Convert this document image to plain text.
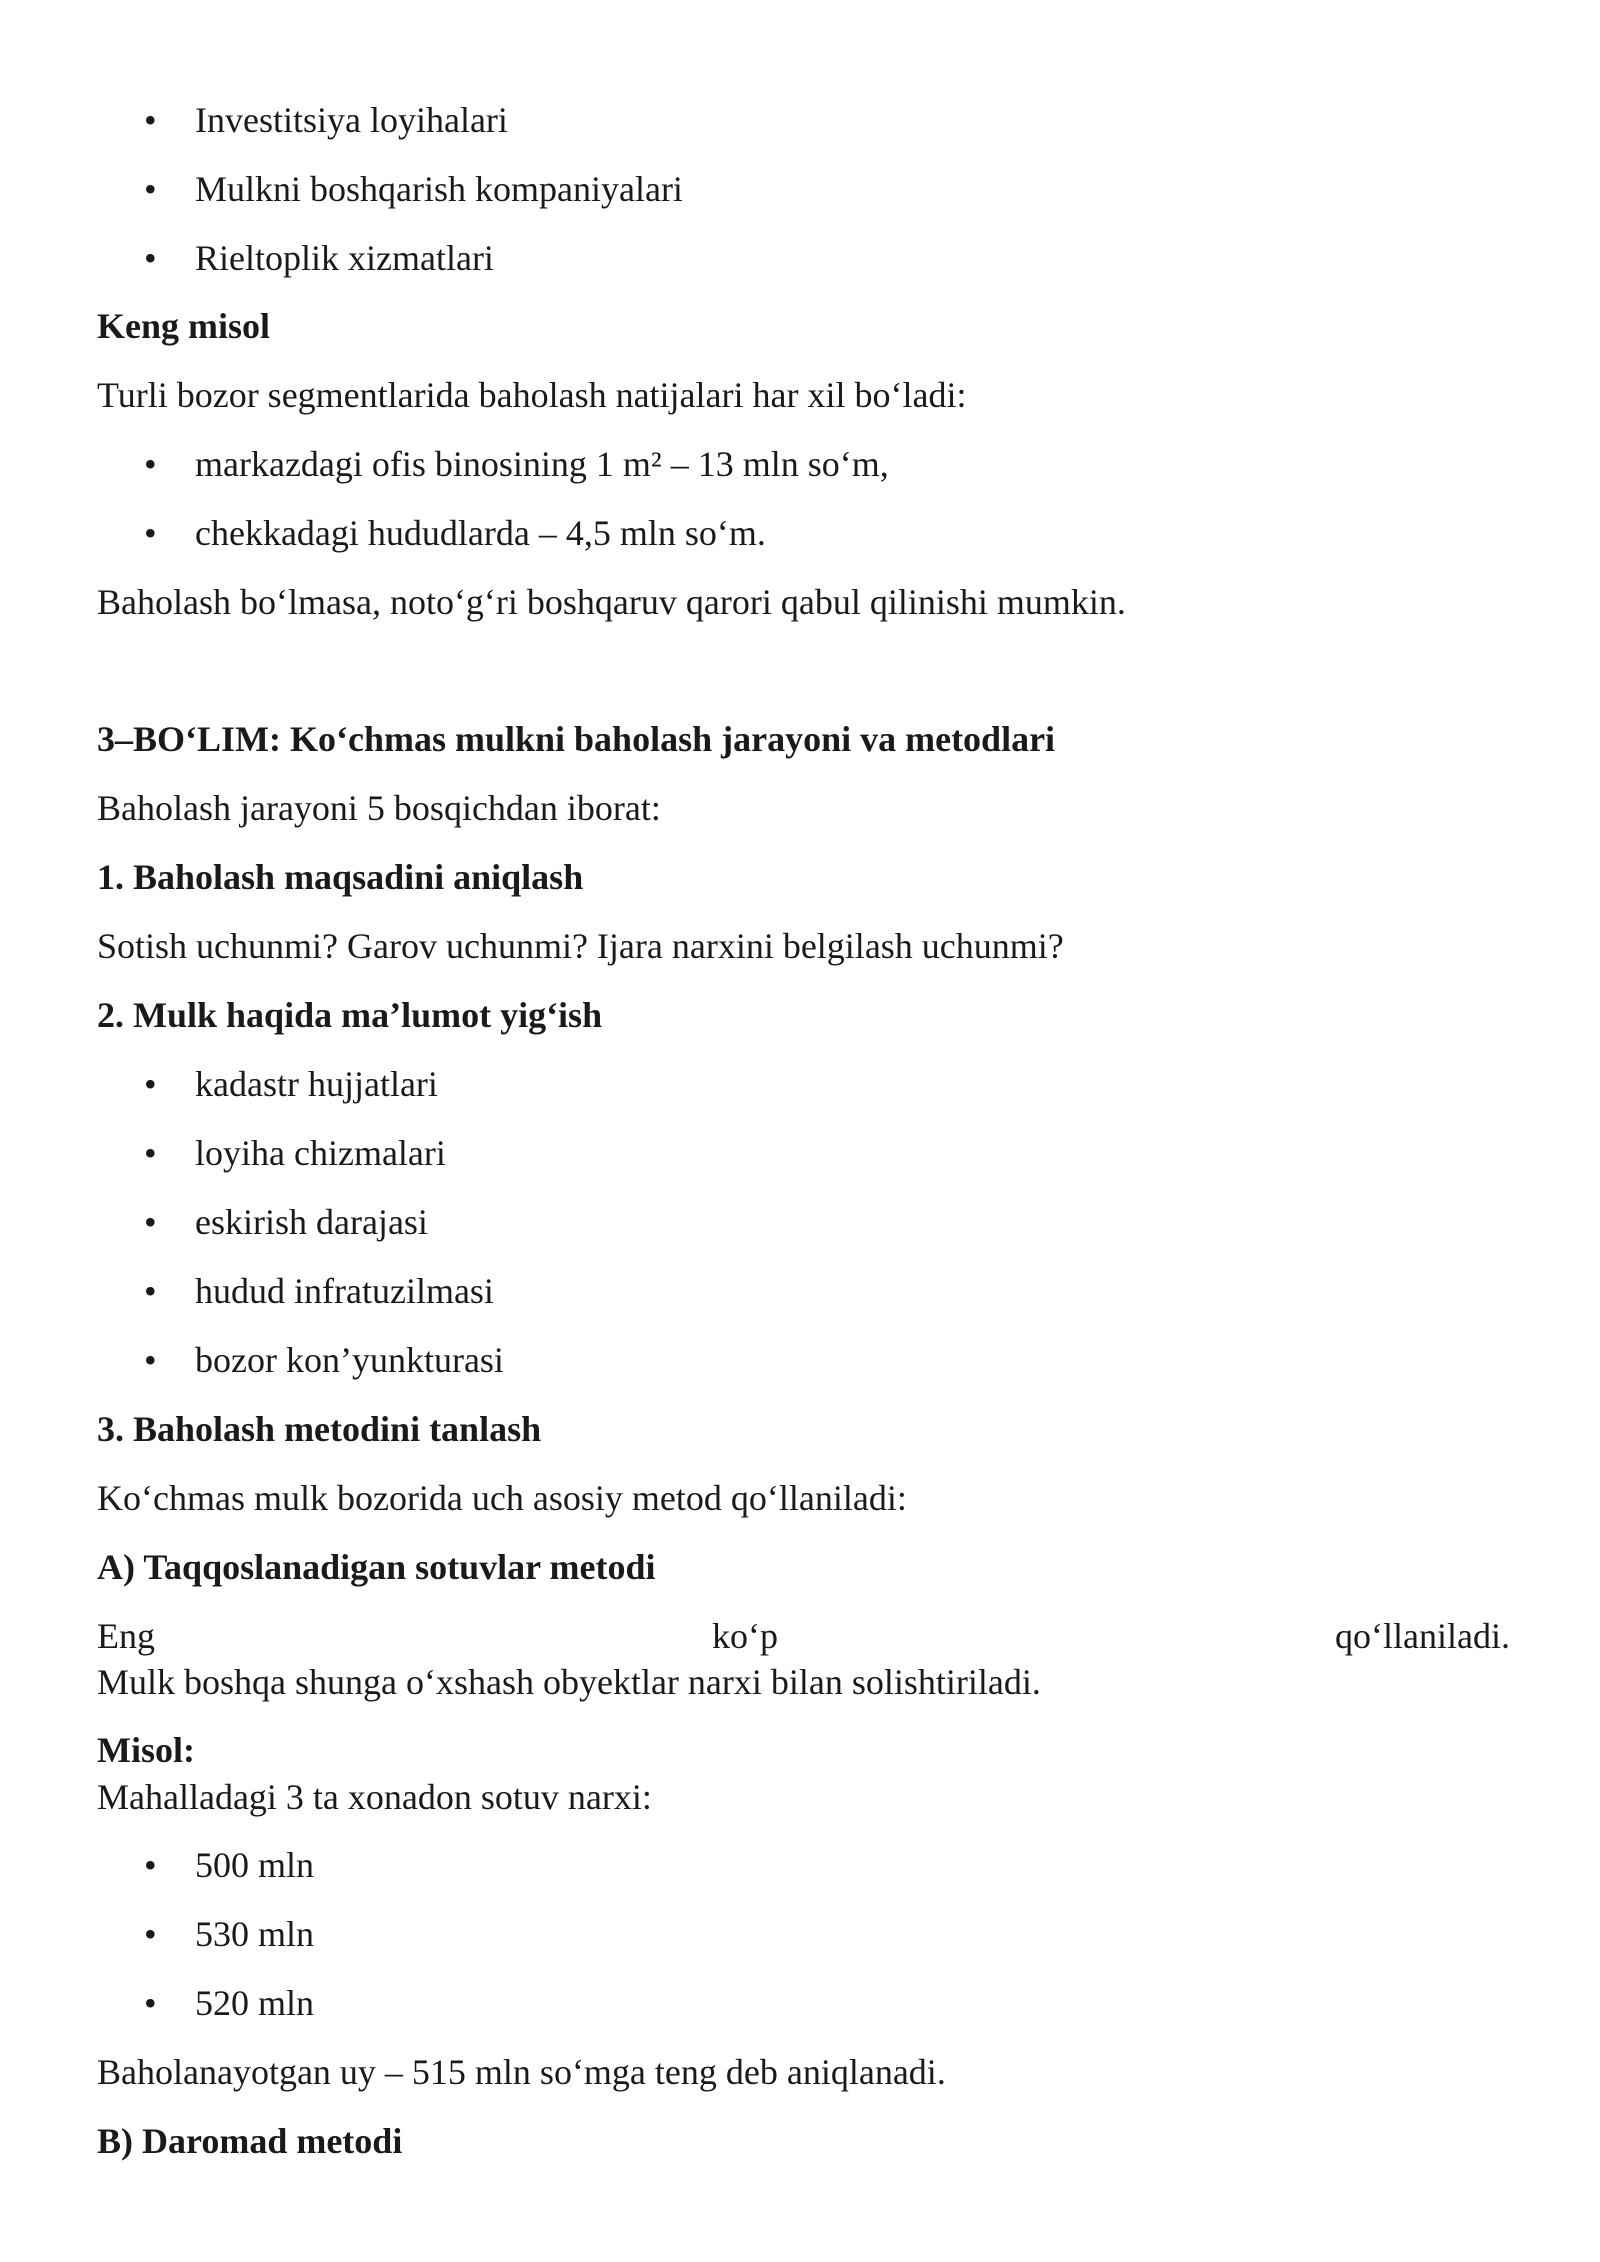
• Investitsiya loyihalari
• Mulkni boshqarish kompaniyalari
• Rieltoplik xizmatlari
Keng misol
Turli bozor segmentlarida baholash natijalari har xil bo‘ladi:
• markazdagi ofis binosining 1 m² – 13 mln so‘m,
• chekkadagi hududlarda – 4,5 mln so‘m.
Baholash bo‘lmasa, noto‘g‘ri boshqaruv qarori qabul qilinishi mumkin.
3–BO‘LIM: Ko‘chmas mulkni baholash jarayoni va metodlari
Baholash jarayoni 5 bosqichdan iborat:
1. Baholash maqsadini aniqlash
Sotish uchunmi? Garov uchunmi? Ijara narxini belgilash uchunmi?
2. Mulk haqida ma’lumot yig‘ish
• kadastr hujjatlari
• loyiha chizmalari
• eskirish darajasi
• hudud infratuzilmasi
• bozor kon’yunkturasi
3. Baholash metodini tanlash
Ko‘chmas mulk bozorida uch asosiy metod qo‘llaniladi:
A) Taqqoslanadigan sotuvlar metodi
Eng	ko‘p	qo‘llaniladi.
Mulk boshqa shunga o‘xshash obyektlar narxi bilan solishtiriladi.
Misol:
Mahalladagi 3 ta xonadon sotuv narxi:
• 500 mln
• 530 mln
• 520 mln
Baholanayotgan uy – 515 mln so‘mga teng deb aniqlanadi.
B) Daromad metodi
